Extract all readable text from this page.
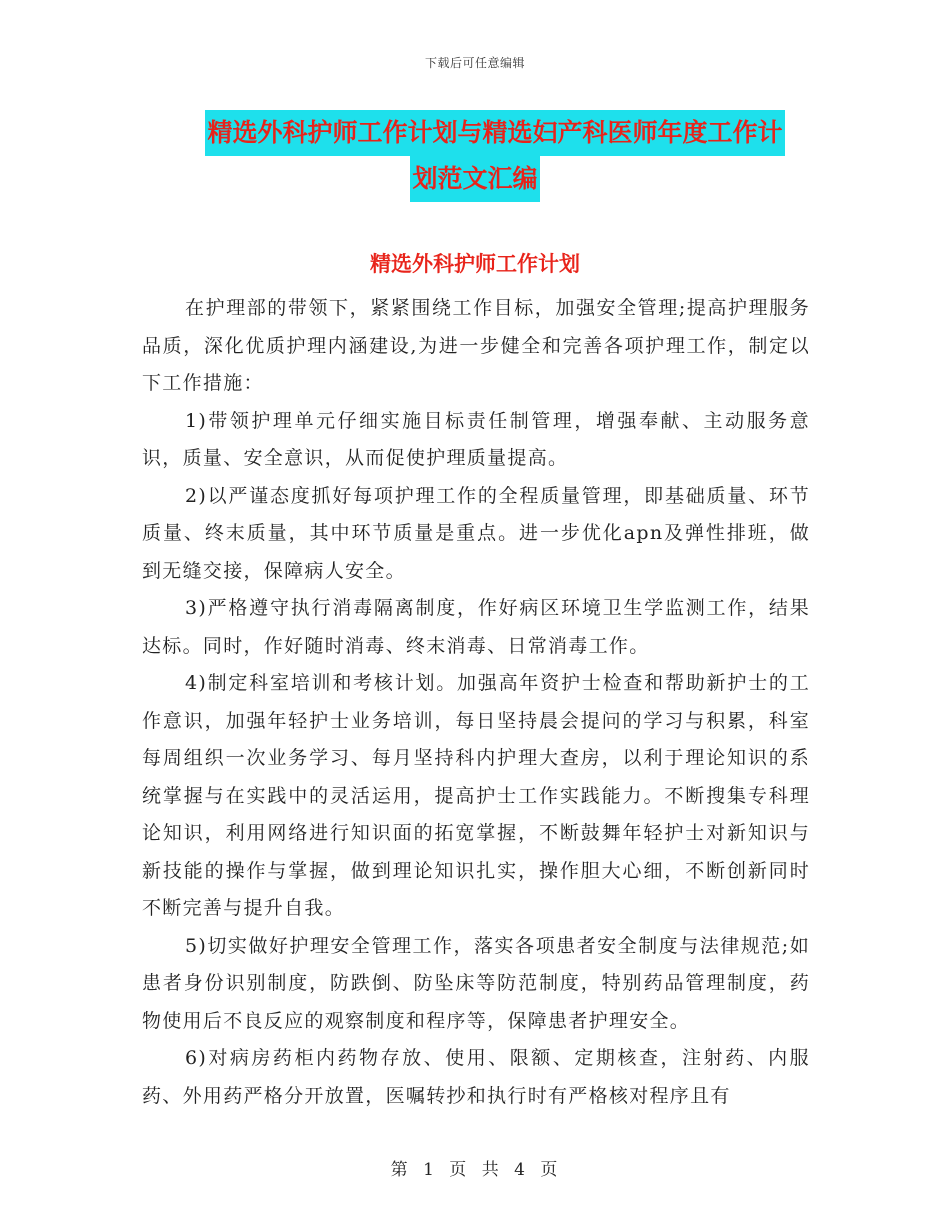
下载后可任意编辑
精选外科护师工作计划与精选妇产科医师年度工作计
划范文汇编
精选外科护师工作计划

在护理部的带领下，紧紧围绕工作目标，加强安全管理;提高护理服务品质，深化优质护理内涵建设,为进一步健全和完善各项护理工作，制定以下工作措施：

1)带领护理单元仔细实施目标责任制管理，增强奉献、主动服务意识，质量、安全意识，从而促使护理质量提高。

2)以严谨态度抓好每项护理工作的全程质量管理，即基础质量、环节质量、终末质量，其中环节质量是重点。进一步优化apn及弹性排班，做到无缝交接，保障病人安全。

3)严格遵守执行消毒隔离制度，作好病区环境卫生学监测工作，结果达标。同时，作好随时消毒、终末消毒、日常消毒工作。

4)制定科室培训和考核计划。加强高年资护士检查和帮助新护士的工作意识，加强年轻护士业务培训，每日坚持晨会提问的学习与积累，科室每周组织一次业务学习、每月坚持科内护理大查房，以利于理论知识的系统掌握与在实践中的灵活运用，提高护士工作实践能力。不断搜集专科理论知识，利用网络进行知识面的拓宽掌握，不断鼓舞年轻护士对新知识与新技能的操作与掌握，做到理论知识扎实，操作胆大心细，不断创新同时不断完善与提升自我。

5)切实做好护理安全管理工作，落实各项患者安全制度与法律规范;如患者身份识别制度，防跌倒、防坠床等防范制度，特别药品管理制度，药物使用后不良反应的观察制度和程序等，保障患者护理安全。

6)对病房药柜内药物存放、使用、限额、定期核查，注射药、内服药、外用药严格分开放置，医嘱转抄和执行时有严格核对程序且有

第 1 页 共 4 页
